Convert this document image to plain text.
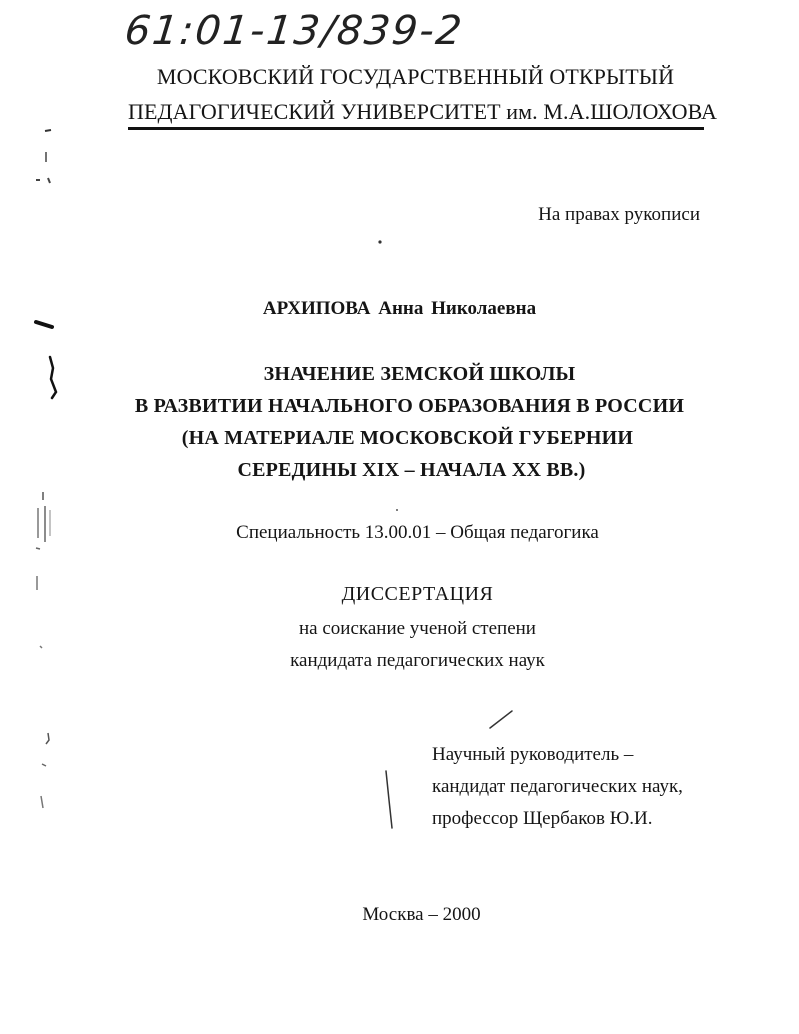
61:01-13/839-2
МОСКОВСКИЙ ГОСУДАРСТВЕННЫЙ ОТКРЫТЫЙ
ПЕДАГОГИЧЕСКИЙ УНИВЕРСИТЕТ им. М.А.ШОЛОХОВА
На правах рукописи
АРХИПОВА Анна Николаевна
ЗНАЧЕНИЕ ЗЕМСКОЙ ШКОЛЫ
В РАЗВИТИИ НАЧАЛЬНОГО ОБРАЗОВАНИЯ В РОССИИ
(НА МАТЕРИАЛЕ МОСКОВСКОЙ ГУБЕРНИИ
СЕРЕДИНЫ XIX – НАЧАЛА XX ВВ.)
Специальность 13.00.01 – Общая педагогика
ДИССЕРТАЦИЯ
на соискание ученой степени
кандидата педагогических наук
Научный руководитель –
кандидат педагогических наук,
профессор Щербаков Ю.И.
Москва – 2000
